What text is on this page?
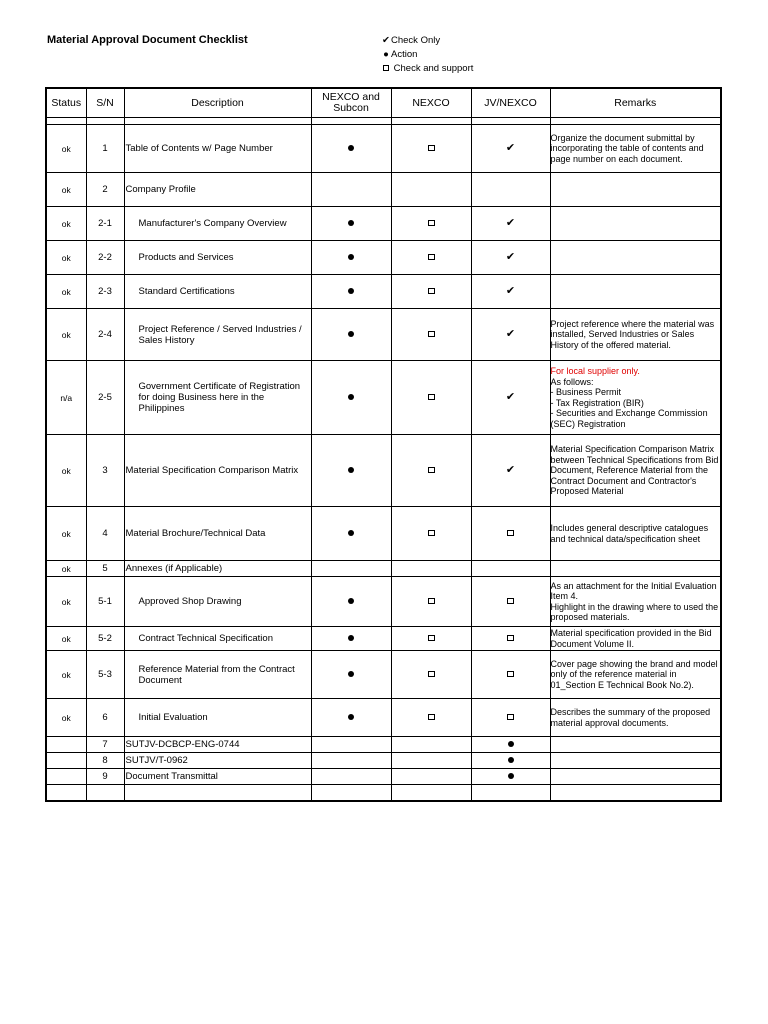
Material Approval Document Checklist	✔Check Only
● Action
Check and support
Status	S/N	Description	NEXCO and Subcon	NEXCO	JV/NEXCO	Remarks

ok	1	Table of Contents w/ Page Number			✔	Organize the document submittal by incorporating the table of contents and page number on each document.

ok	2	Company Profile				

ok	2-1	Manufacturer's Company Overview			✔	

ok	2-2	Products and Services			✔	

ok	2-3	Standard Certifications			✔	

ok	2-4	Project Reference / Served Industries / Sales History			✔	Project reference where the material was installed, Served Industries or Sales History of the offered material.

n/a	2-5	Government Certificate of Registration for doing Business here in the Philippines			✔	For local supplier only.
As follows:
- Business Permit
- Tax Registration (BIR)
- Securities and Exchange Commission (SEC) Registration

ok	3	Material Specification Comparison Matrix			✔	Material Specification Comparison Matrix between Technical Specifications from Bid Document, Reference Material from the Contract Document and Contractor's Proposed Material

ok	4	Material Brochure/Technical Data				Includes general descriptive catalogues and technical data/specification sheet

ok	5	Annexes (if Applicable)				

ok	5-1	Approved Shop Drawing				As an attachment for the Initial Evaluation Item 4.
Highlight in the drawing where to used the proposed materials.

ok	5-2	Contract Technical Specification				Material specification provided in the Bid Document Volume II.

ok	5-3	Reference Material from the Contract Document				Cover page showing the brand and model only of the reference material in 01_Section E Technical Book No.2).

ok	6	Initial Evaluation				Describes the summary of the proposed material approval documents.

	7	SUTJV-DCBCP-ENG-0744				

	8	SUTJV/T-0962				

	9	Document Transmittal				
